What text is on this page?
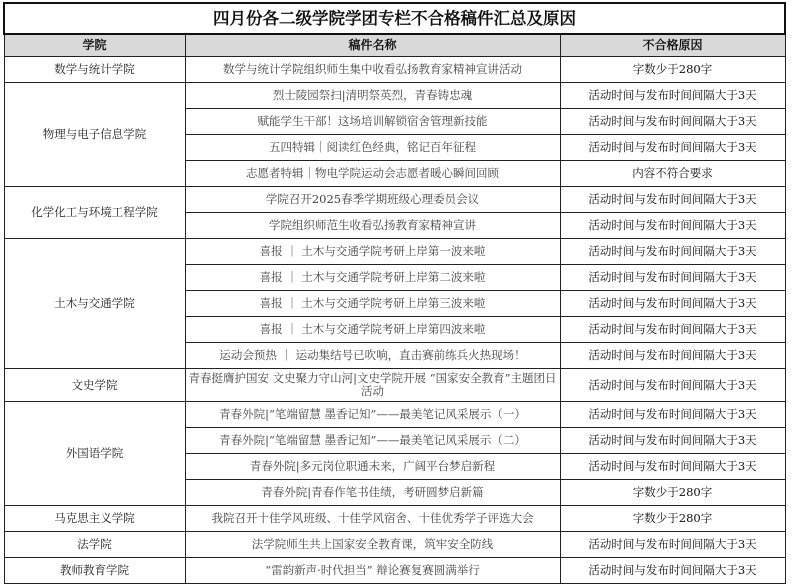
四月份各二级学院学团专栏不合格稿件汇总及原因		
学院	稿件名称	不合格原因
数学与统计学院	数学与统计学院组织师生集中收看弘扬教育家精神宣讲活动	字数少于280字
物理与电子信息学院	烈士陵园祭扫|清明祭英烈，青春铸忠魂	活动时间与发布时间间隔大于3天
	赋能学生干部！这场培训解锁宿舍管理新技能	活动时间与发布时间间隔大于3天
	五四特辑｜阅读红色经典，铭记百年征程	活动时间与发布时间间隔大于3天
	志愿者特辑｜物电学院运动会志愿者暖心瞬间回顾	内容不符合要求
化学化工与环境工程学院	学院召开2025春季学期班级心理委员会议	活动时间与发布时间间隔大于3天
	学院组织师范生收看弘扬教育家精神宣讲	活动时间与发布时间间隔大于3天
土木与交通学院	喜报 ｜ 土木与交通学院考研上岸第一波来啦	活动时间与发布时间间隔大于3天
	喜报 ｜ 土木与交通学院考研上岸第二波来啦	活动时间与发布时间间隔大于3天
	喜报 ｜ 土木与交通学院考研上岸第三波来啦	活动时间与发布时间间隔大于3天
	喜报 ｜ 土木与交通学院考研上岸第四波来啦	活动时间与发布时间间隔大于3天
	运动会预热 ｜ 运动集结号已吹响，直击赛前练兵火热现场！	活动时间与发布时间间隔大于3天
文史学院	青春挺膺护国安 文史聚力守山河|文史学院开展 “国家安全教育”主题团日活动	活动时间与发布时间间隔大于3天
外国语学院	青春外院|“笔端留慧 墨香记知”——最美笔记风采展示（一）	活动时间与发布时间间隔大于3天
	青春外院|“笔端留慧 墨香记知”——最美笔记风采展示（二）	活动时间与发布时间间隔大于3天
	青春外院|多元岗位职通未来，广阔平台梦启新程	活动时间与发布时间间隔大于3天
	青春外院|青春作笔书佳绩，考研圆梦启新篇	字数少于280字
马克思主义学院	我院召开十佳学风班级、十佳学风宿舍、十佳优秀学子评选大会	字数少于280字
法学院	法学院师生共上国家安全教育课，筑牢安全防线	活动时间与发布时间间隔大于3天
教师教育学院	“雷韵新声·时代担当” 辩论赛复赛圆满举行	活动时间与发布时间间隔大于3天
